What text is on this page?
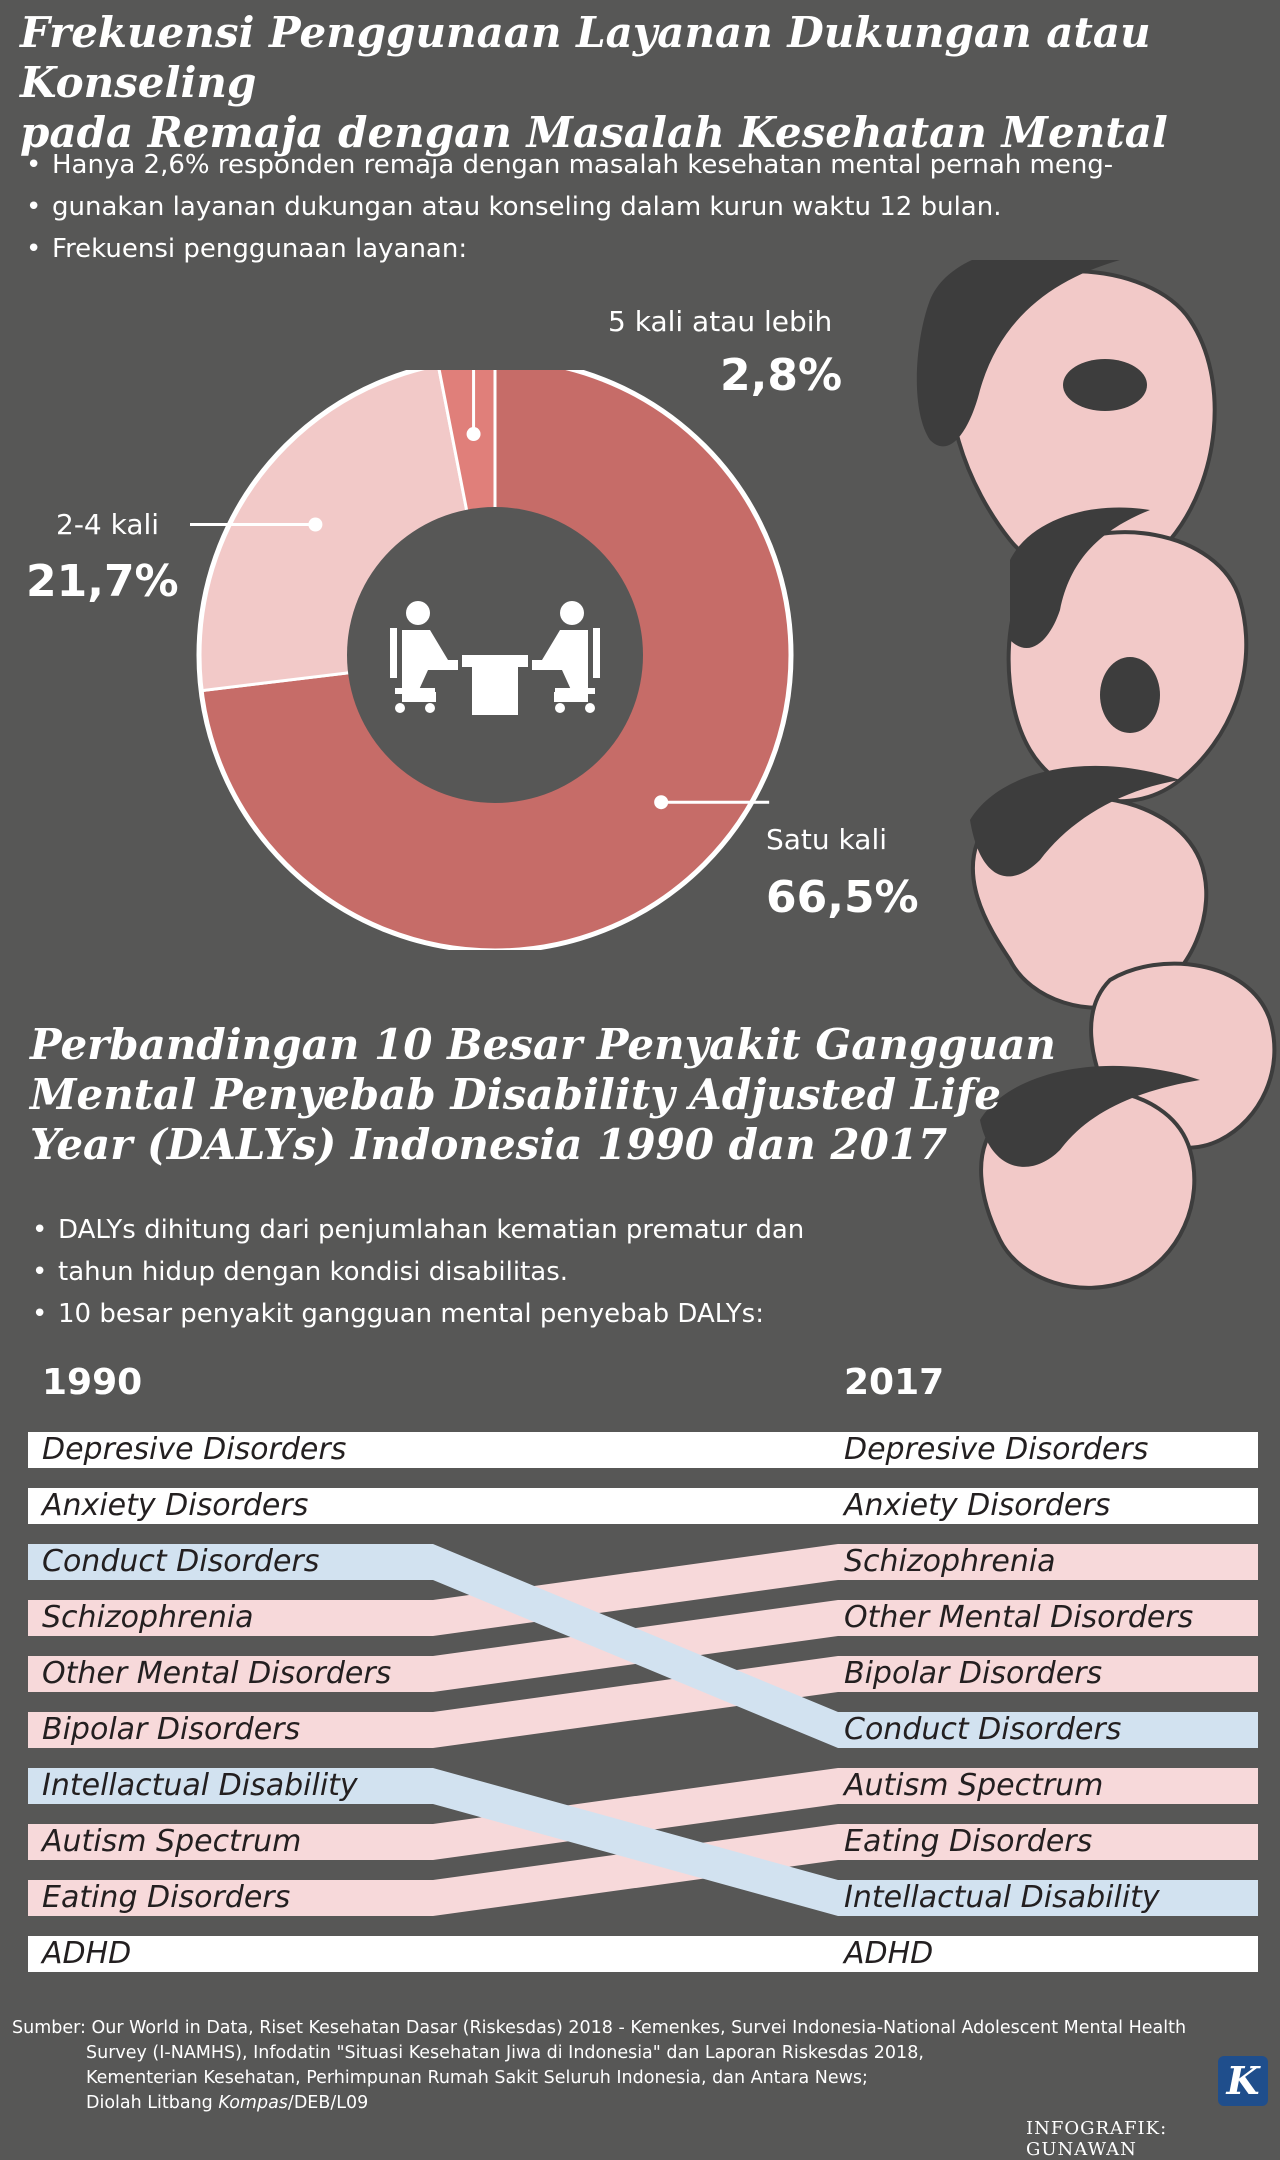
Frekuensi Penggunaan Layanan Dukungan atau Konseling
pada Remaja dengan Masalah Kesehatan Mental
• Hanya 2,6% responden remaja dengan masalah kesehatan mental pernah meng-
• gunakan layanan dukungan atau konseling dalam kurun waktu 12 bulan.
• Frekuensi penggunaan layanan:
5 kali atau lebih
2,8%
2-4 kali
21,7%
Satu kali
66,5%
Perbandingan 10 Besar Penyakit Gangguan
Mental Penyebab Disability Adjusted Life
Year (DALYs) Indonesia 1990 dan 2017
• DALYs dihitung dari penjumlahan kematian prematur dan
• tahun hidup dengan kondisi disabilitas.
• 10 besar penyakit gangguan mental penyebab DALYs:
1990	2017
Depresive Disorders
Anxiety Disorders
Conduct Disorders
Schizophrenia
Other Mental Disorders
Bipolar Disorders
Intellactual Disability
Autism Spectrum
Eating Disorders
ADHD
Depresive Disorders
Anxiety Disorders
Schizophrenia
Other Mental Disorders
Bipolar Disorders
Conduct Disorders
Autism Spectrum
Eating Disorders
Intellactual Disability
ADHD
Sumber: Our World in Data, Riset Kesehatan Dasar (Riskesdas) 2018 - Kemenkes, Survei Indonesia-National Adolescent Mental Health
Survey (I-NAMHS), Infodatin "Situasi Kesehatan Jiwa di Indonesia" dan Laporan Riskesdas 2018,
Kementerian Kesehatan, Perhimpunan Rumah Sakit Seluruh Indonesia, dan Antara News;
Diolah Litbang Kompas/DEB/L09	K
INFOGRAFIK: GUNAWAN
